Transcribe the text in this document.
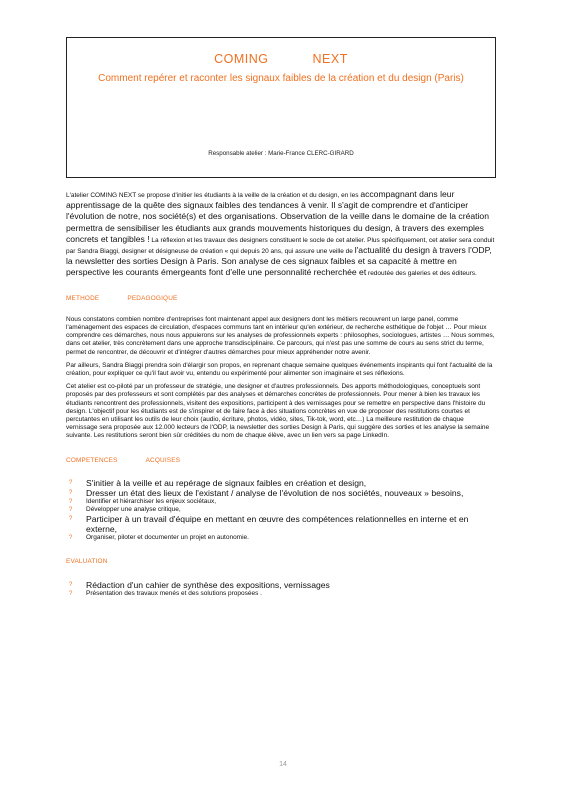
COMING	NEXT
Comment repérer et raconter les signaux faibles de la création et du design (Paris)
Responsable atelier : Marie-France CLERC-GIRARD

L'atelier COMING NEXT se propose d'initier les étudiants à la veille de la création et du design, en les accompagnant dans leur apprentissage de la quête des signaux faibles des tendances à venir. Il s'agit de comprendre et d'anticiper l'évolution de notre, nos société(s) et des organisations. Observation de la veille dans le domaine de la création permettra de sensibiliser les étudiants aux grands mouvements historiques du design, à travers des exemples concrets et tangibles ! La réflexion et les travaux des designers constituent le socle de cet atelier. Plus spécifiquement, cet atelier sera conduit par Sandra Biaggi, designer et désigneuse de création « qui depuis 20 ans, qui assure une veille de l'actualité du design à travers l'ODP, la newsletter des sorties Design à Paris. Son analyse de ces signaux faibles et sa capacité à mettre en perspective les courants émergeants font d'elle une personnalité recherchée et redoutée des galeries et des éditeurs.

METHODE	PEDAGOGIQUE

Nous constatons combien nombre d'entreprises font maintenant appel aux designers dont les métiers recouvrent un large panel, comme l'aménagement des espaces de circulation, d'espaces communs tant en intérieur qu'en extérieur, de recherche esthétique de l'objet … Pour mieux comprendre ces démarches, nous nous appuierons sur les analyses de professionnels experts : philosophes, sociologues, artistes … Nous sommes, dans cet atelier, très concrètement dans une approche transdisciplinaire. Ce parcours, qui n'est pas une somme de cours au sens strict du terme, permet de rencontrer, de découvrir et d'intégrer d'autres démarches pour mieux appréhender notre avenir.

Par ailleurs, Sandra Biaggi prendra soin d'élargir son propos, en reprenant chaque semaine quelques événements inspirants qui font l'actualité de la création, pour expliquer ce qu'il faut avoir vu, entendu ou expérimenté pour alimenter son imaginaire et ses réflexions.

Cet atelier est co-piloté par un professeur de stratégie, une designer et d'autres professionnels. Des apports méthodologiques, conceptuels sont proposés par des professeurs et sont complétés par des analyses et démarches concrètes de professionnels. Pour mener à bien les travaux les étudiants rencontrent des professionnels, visitent des expositions, participent à des vernissages pour se remettre en perspective dans l'histoire du design. L'objectif pour les étudiants est de s'inspirer et de faire face à des situations concrètes en vue de proposer des restitutions courtes et percutantes en utilisant les outils de leur choix (audio, écriture, photos, vidéo, sites, Tik-tok, word, etc…) La meilleure restitution de chaque vernissage sera proposée aux 12.000 lecteurs de l'ODP, la newsletter des sorties Design à Paris, qui suggère des sorties et les analyse la semaine suivante. Les restitutions seront bien sûr créditées du nom de chaque élève, avec un lien vers sa page LinkedIn.

COMPETENCES	ACQUISES
? S'initier à la veille et au repérage de signaux faibles en création et design,
? Dresser un état des lieux de l'existant / analyse de l'évolution de nos sociétés, nouveaux » besoins,
? Identifier et hiérarchiser les enjeux sociétaux,
? Développer une analyse critique,
? Participer à un travail d'équipe en mettant en œuvre des compétences relationnelles en interne et en externe,
? Organiser, piloter et documenter un projet en autonomie.
EVALUATION
? Rédaction d'un cahier de synthèse des expositions, vernissages
? Présentation des travaux menés et des solutions proposées .
14
